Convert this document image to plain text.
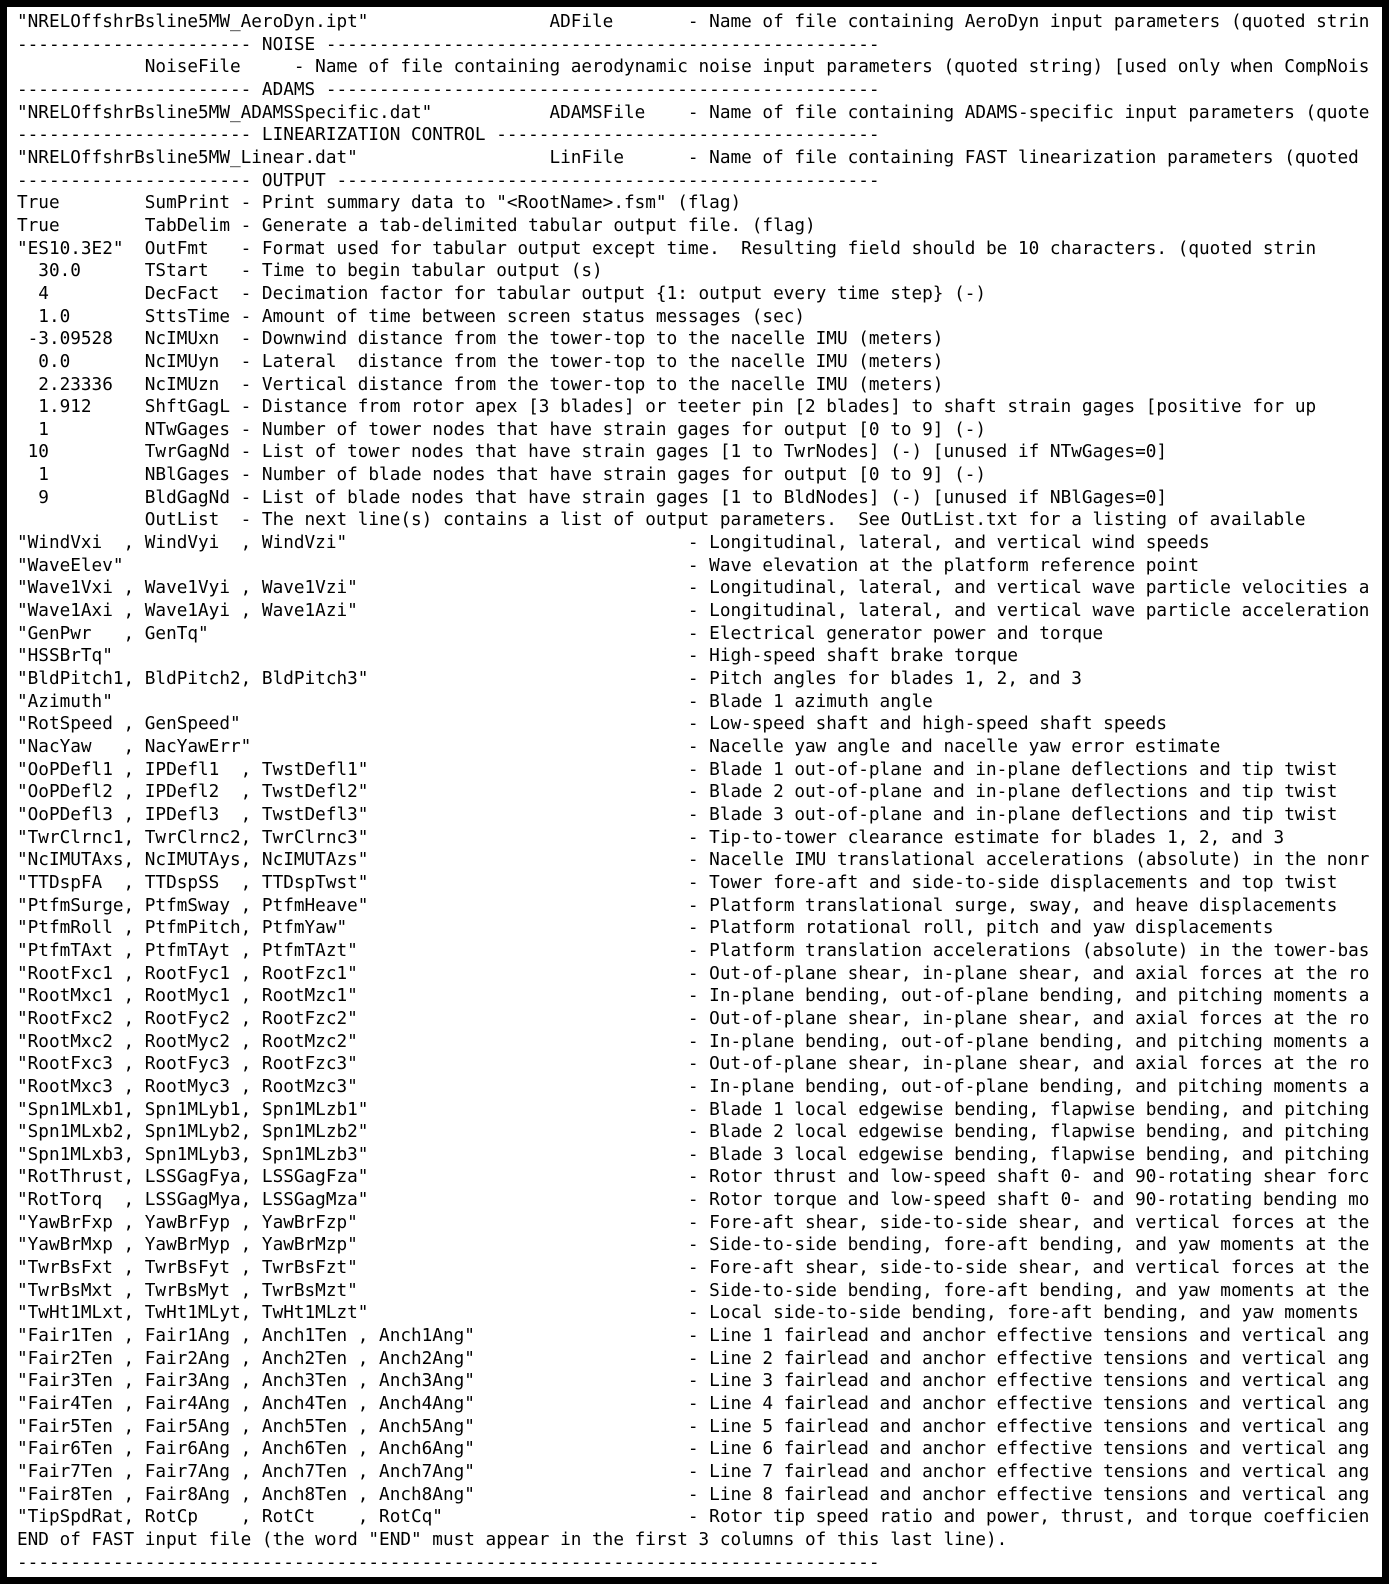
"NRELOffshrBsline5MW_AeroDyn.ipt"                 ADFile       - Name of file containing AeroDyn input parameters (quoted strin
---------------------- NOISE ----------------------------------------------------
NoiseFile     - Name of file containing aerodynamic noise input parameters (quoted string) [used only when CompNois
---------------------- ADAMS ----------------------------------------------------
"NRELOffshrBsline5MW_ADAMSSpecific.dat"           ADAMSFile    - Name of file containing ADAMS-specific input parameters (quote
---------------------- LINEARIZATION CONTROL ------------------------------------
"NRELOffshrBsline5MW_Linear.dat"                  LinFile      - Name of file containing FAST linearization parameters (quoted
---------------------- OUTPUT ---------------------------------------------------
True        SumPrint - Print summary data to "<RootName>.fsm" (flag)
True        TabDelim - Generate a tab-delimited tabular output file. (flag)
"ES10.3E2"  OutFmt   - Format used for tabular output except time.  Resulting field should be 10 characters. (quoted strin
30.0      TStart   - Time to begin tabular output (s)
4         DecFact  - Decimation factor for tabular output {1: output every time step} (-)
1.0       SttsTime - Amount of time between screen status messages (sec)
-3.09528   NcIMUxn  - Downwind distance from the tower-top to the nacelle IMU (meters)
0.0       NcIMUyn  - Lateral  distance from the tower-top to the nacelle IMU (meters)
2.23336   NcIMUzn  - Vertical distance from the tower-top to the nacelle IMU (meters)
1.912     ShftGagL - Distance from rotor apex [3 blades] or teeter pin [2 blades] to shaft strain gages [positive for up
1         NTwGages - Number of tower nodes that have strain gages for output [0 to 9] (-)
10         TwrGagNd - List of tower nodes that have strain gages [1 to TwrNodes] (-) [unused if NTwGages=0]
1         NBlGages - Number of blade nodes that have strain gages for output [0 to 9] (-)
9         BldGagNd - List of blade nodes that have strain gages [1 to BldNodes] (-) [unused if NBlGages=0]
OutList  - The next line(s) contains a list of output parameters.  See OutList.txt for a listing of available
"WindVxi  , WindVyi  , WindVzi"                                - Longitudinal, lateral, and vertical wind speeds
"WaveElev"                                                     - Wave elevation at the platform reference point
"Wave1Vxi , Wave1Vyi , Wave1Vzi"                               - Longitudinal, lateral, and vertical wave particle velocities a
"Wave1Axi , Wave1Ayi , Wave1Azi"                               - Longitudinal, lateral, and vertical wave particle acceleration
"GenPwr   , GenTq"                                             - Electrical generator power and torque
"HSSBrTq"                                                      - High-speed shaft brake torque
"BldPitch1, BldPitch2, BldPitch3"                              - Pitch angles for blades 1, 2, and 3
"Azimuth"                                                      - Blade 1 azimuth angle
"RotSpeed , GenSpeed"                                          - Low-speed shaft and high-speed shaft speeds
"NacYaw   , NacYawErr"                                         - Nacelle yaw angle and nacelle yaw error estimate
"OoPDefl1 , IPDefl1  , TwstDefl1"                              - Blade 1 out-of-plane and in-plane deflections and tip twist
"OoPDefl2 , IPDefl2  , TwstDefl2"                              - Blade 2 out-of-plane and in-plane deflections and tip twist
"OoPDefl3 , IPDefl3  , TwstDefl3"                              - Blade 3 out-of-plane and in-plane deflections and tip twist
"TwrClrnc1, TwrClrnc2, TwrClrnc3"                              - Tip-to-tower clearance estimate for blades 1, 2, and 3
"NcIMUTAxs, NcIMUTAys, NcIMUTAzs"                              - Nacelle IMU translational accelerations (absolute) in the nonr
"TTDspFA  , TTDspSS  , TTDspTwst"                              - Tower fore-aft and side-to-side displacements and top twist
"PtfmSurge, PtfmSway , PtfmHeave"                              - Platform translational surge, sway, and heave displacements
"PtfmRoll , PtfmPitch, PtfmYaw"                                - Platform rotational roll, pitch and yaw displacements
"PtfmTAxt , PtfmTAyt , PtfmTAzt"                               - Platform translation accelerations (absolute) in the tower-bas
"RootFxc1 , RootFyc1 , RootFzc1"                               - Out-of-plane shear, in-plane shear, and axial forces at the ro
"RootMxc1 , RootMyc1 , RootMzc1"                               - In-plane bending, out-of-plane bending, and pitching moments a
"RootFxc2 , RootFyc2 , RootFzc2"                               - Out-of-plane shear, in-plane shear, and axial forces at the ro
"RootMxc2 , RootMyc2 , RootMzc2"                               - In-plane bending, out-of-plane bending, and pitching moments a
"RootFxc3 , RootFyc3 , RootFzc3"                               - Out-of-plane shear, in-plane shear, and axial forces at the ro
"RootMxc3 , RootMyc3 , RootMzc3"                               - In-plane bending, out-of-plane bending, and pitching moments a
"Spn1MLxb1, Spn1MLyb1, Spn1MLzb1"                              - Blade 1 local edgewise bending, flapwise bending, and pitching
"Spn1MLxb2, Spn1MLyb2, Spn1MLzb2"                              - Blade 2 local edgewise bending, flapwise bending, and pitching
"Spn1MLxb3, Spn1MLyb3, Spn1MLzb3"                              - Blade 3 local edgewise bending, flapwise bending, and pitching
"RotThrust, LSSGagFya, LSSGagFza"                              - Rotor thrust and low-speed shaft 0- and 90-rotating shear forc
"RotTorq  , LSSGagMya, LSSGagMza"                              - Rotor torque and low-speed shaft 0- and 90-rotating bending mo
"YawBrFxp , YawBrFyp , YawBrFzp"                               - Fore-aft shear, side-to-side shear, and vertical forces at the
"YawBrMxp , YawBrMyp , YawBrMzp"                               - Side-to-side bending, fore-aft bending, and yaw moments at the
"TwrBsFxt , TwrBsFyt , TwrBsFzt"                               - Fore-aft shear, side-to-side shear, and vertical forces at the
"TwrBsMxt , TwrBsMyt , TwrBsMzt"                               - Side-to-side bending, fore-aft bending, and yaw moments at the
"TwHt1MLxt, TwHt1MLyt, TwHt1MLzt"                              - Local side-to-side bending, fore-aft bending, and yaw moments
"Fair1Ten , Fair1Ang , Anch1Ten , Anch1Ang"                    - Line 1 fairlead and anchor effective tensions and vertical ang
"Fair2Ten , Fair2Ang , Anch2Ten , Anch2Ang"                    - Line 2 fairlead and anchor effective tensions and vertical ang
"Fair3Ten , Fair3Ang , Anch3Ten , Anch3Ang"                    - Line 3 fairlead and anchor effective tensions and vertical ang
"Fair4Ten , Fair4Ang , Anch4Ten , Anch4Ang"                    - Line 4 fairlead and anchor effective tensions and vertical ang
"Fair5Ten , Fair5Ang , Anch5Ten , Anch5Ang"                    - Line 5 fairlead and anchor effective tensions and vertical ang
"Fair6Ten , Fair6Ang , Anch6Ten , Anch6Ang"                    - Line 6 fairlead and anchor effective tensions and vertical ang
"Fair7Ten , Fair7Ang , Anch7Ten , Anch7Ang"                    - Line 7 fairlead and anchor effective tensions and vertical ang
"Fair8Ten , Fair8Ang , Anch8Ten , Anch8Ang"                    - Line 8 fairlead and anchor effective tensions and vertical ang
"TipSpdRat, RotCp    , RotCt    , RotCq"                       - Rotor tip speed ratio and power, thrust, and torque coefficien
END of FAST input file (the word "END" must appear in the first 3 columns of this last line).
---------------------------------------------------------------------------------
